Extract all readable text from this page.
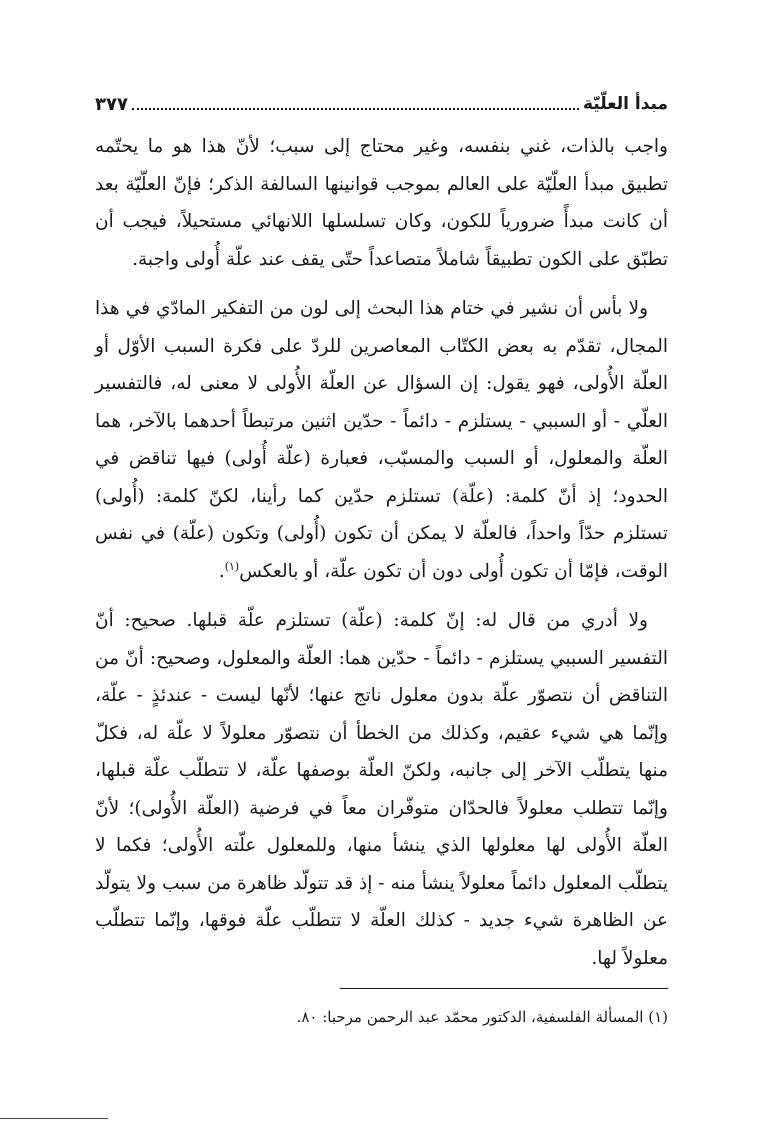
مبدأ العلّيّة
٣٧٧

واجب بالذات، غني بنفسه، وغير محتاج إلى سبب؛ لأنّ هذا هو ما يحتّمه تطبيق مبدأ العلّيّة على العالم بموجب قوانينها السالفة الذكر؛ فإنّ العلّيّة بعد أن كانت مبدأً ضرورياً للكون، وكان تسلسلها اللانهائي مستحيلاً، فيجب أن تطبّق على الكون تطبيقاً شاملاً متصاعداً حتّى يقف عند علّة أُولى واجبة.

ولا بأس أن نشير في ختام هذا البحث إلى لون من التفكير المادّي في هذا المجال، تقدّم به بعض الكتّاب المعاصرين للردّ على فكرة السبب الأوّل أو العلّة الأُولى، فهو يقول: إن السؤال عن العلّة الأُولى لا معنى له، فالتفسير العلّي - أو السببي - يستلزم - دائماً - حدّين اثنين مرتبطاً أحدهما بالآخر، هما العلّة والمعلول، أو السبب والمسبّب، فعبارة (علّة أُولى) فيها تناقض في الحدود؛ إذ أنّ كلمة: (علّة) تستلزم حدّين كما رأينا، لكنّ كلمة: (أُولى) تستلزم حدّاً واحداً، فالعلّة لا يمكن أن تكون (أُولى) وتكون (علّة) في نفس الوقت، فإمّا أن تكون أُولى دون أن تكون علّة، أو بالعكس$^{(١)}$.

ولا أدري من قال له: إنّ كلمة: (علّة) تستلزم علّة قبلها. صحيح: أنّ التفسير السببي يستلزم - دائماً - حدّين هما: العلّة والمعلول، وصحيح: أنّ من التناقض أن نتصوّر علّة بدون معلول ناتج عنها؛ لأنّها ليست - عندئذٍ - علّة، وإنّما هي شيء عقيم، وكذلك من الخطأ أن نتصوّر معلولاً لا علّة له، فكلّ منها يتطلّب الآخر إلى جانبه، ولكنّ العلّة بوصفها علّة، لا تتطلّب علّة قبلها، وإنّما تتطلب معلولاً فالحدّان متوفّران معاً في فرضية (العلّة الأُولى)؛ لأنّ العلّة الأُولى لها معلولها الذي ينشأ منها، وللمعلول علّته الأُولى؛ فكما لا يتطلّب المعلول دائماً معلولاً ينشأ منه - إذ قد تتولّد ظاهرة من سبب ولا يتولّد عن الظاهرة شيء جديد - كذلك العلّة لا تتطلّب علّة فوقها، وإنّما تتطلّب معلولاً لها.

(١) المسألة الفلسفية، الدكتور محمّد عبد الرحمن مرحبا: ٨٠.
